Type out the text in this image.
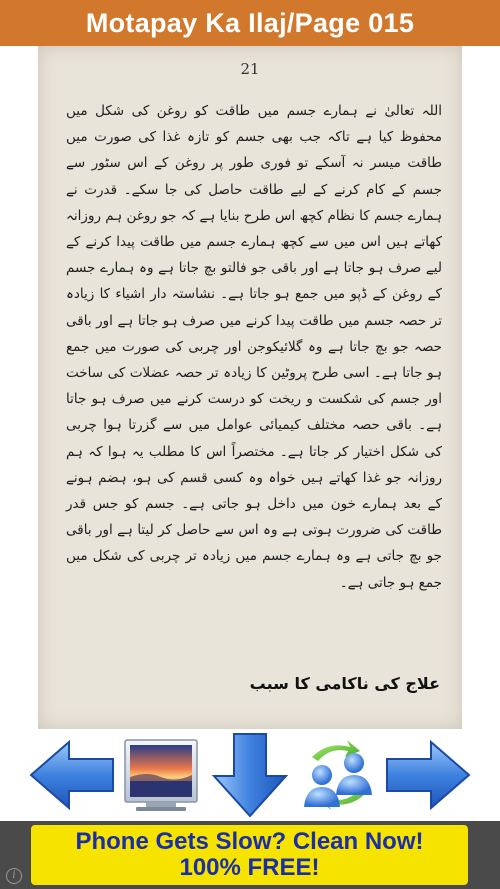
Motapay Ka Ilaj/Page 015
21

اللہ تعالیٰ نے ہمارے جسم میں طاقت کو روغن کی شکل میں محفوظ کیا ہے تاکہ جب بھی جسم کو تازہ غذا کی صورت میں طاقت میسر نہ آسکے تو فوری طور پر روغن کے اس سٹور سے جسم کے کام کرنے کے لیے طاقت حاصل کی جا سکے۔ قدرت نے ہمارے جسم کا نظام کچھ اس طرح بنایا ہے کہ جو روغن ہم روزانہ کھاتے ہیں اس میں سے کچھ ہمارے جسم میں طاقت پیدا کرنے کے لیے صرف ہو جاتا ہے اور باقی جو فالتو بچ جاتا ہے وہ ہمارے جسم کے روغن کے ڈپو میں جمع ہو جاتا ہے۔ نشاستہ دار اشیاء کا زیادہ تر حصہ جسم میں طاقت پیدا کرنے میں صرف ہو جاتا ہے اور باقی حصہ جو بچ جاتا ہے وہ گلائیکوجن اور چربی کی صورت میں جمع ہو جاتا ہے۔ اسی طرح پروٹین کا زیادہ تر حصہ عضلات کی ساخت اور جسم کی شکست و ریخت کو درست کرنے میں صرف ہو جاتا ہے۔ باقی حصہ مختلف کیمیائی عوامل میں سے گزرتا ہوا چربی کی شکل اختیار کر جاتا ہے۔ مختصراً اس کا مطلب یہ ہوا کہ ہم روزانہ جو غذا کھاتے ہیں خواہ وہ کسی قسم کی ہو، ہضم ہونے کے بعد ہمارے خون میں داخل ہو جاتی ہے۔ جسم کو جس قدر طاقت کی ضرورت ہوتی ہے وہ اس سے حاصل کر لیتا ہے اور باقی جو بچ جاتی ہے وہ ہمارے جسم میں زیادہ تر چربی کی شکل میں جمع ہو جاتی ہے۔

علاج کی ناکامی کا سبب
Phone Gets Slow? Clean Now!
100% FREE!
i
